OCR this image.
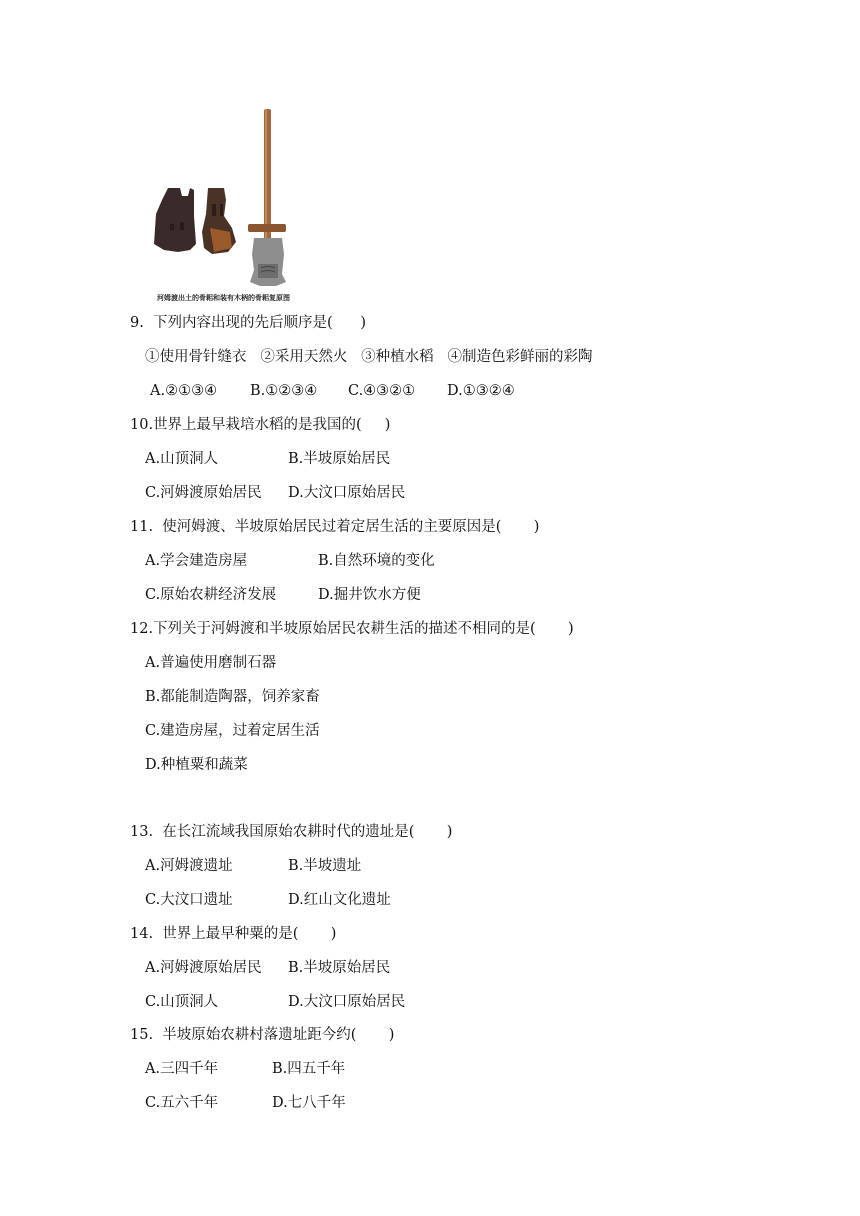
河姆渡出土的骨耜和装有木柄的骨耜复原图
9.  下列内容出现的先后顺序是(      )
①使用骨针缝衣   ②采用天然火   ③种植水稻   ④制造色彩鲜丽的彩陶
A.②①③④ B.①②③④ C.④③②① D.①③②④
10.世界上最早栽培水稻的是我国的(     )
A.山顶洞人	B.半坡原始居民
C.河姆渡原始居民 D.大汶口原始居民
11.  使河姆渡、半坡原始居民过着定居生活的主要原因是(       )
A.学会建造房屋	B.自然环境的变化
C.原始农耕经济发展	D.掘井饮水方便
12.下列关于河姆渡和半坡原始居民农耕生活的描述不相同的是(       )
A.普遍使用磨制石器
B.都能制造陶器，饲养家畜
C.建造房屋，过着定居生活
D.种植粟和蔬菜
13.  在长江流域我国原始农耕时代的遗址是(       )
A.河姆渡遗址	B.半坡遗址
C.大汶口遗址	D.红山文化遗址
14.  世界上最早种粟的是(       )
A.河姆渡原始居民 B.半坡原始居民
C.山顶洞人	D.大汶口原始居民
15.  半坡原始农耕村落遗址距今约(       )
A.三四千年	B.四五千年
C.五六千年	D.七八千年
